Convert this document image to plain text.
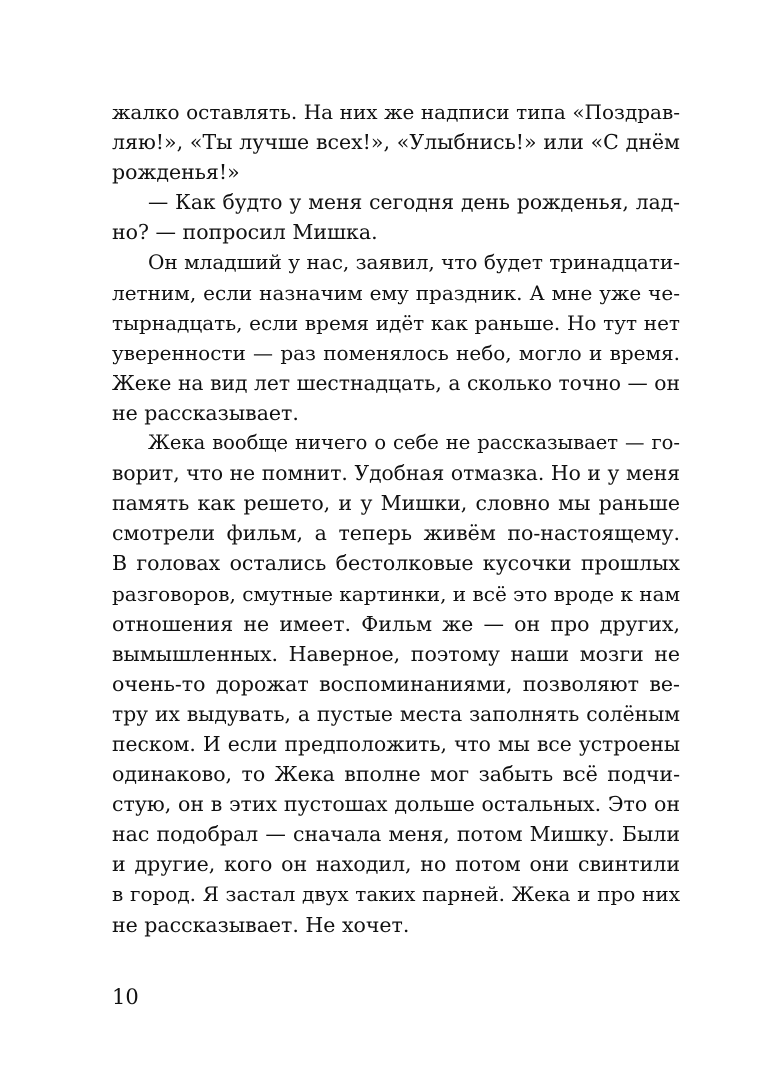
жалко оставлять. На них же надписи типа «Поздрав-
ляю!», «Ты лучше всех!», «Улыбнись!» или «С днём
рожденья!»
— Как будто у меня сегодня день рожденья, лад-
но? — попросил Мишка.
Он младший у нас, заявил, что будет тринадцати-
летним, если назначим ему праздник. А мне уже че-
тырнадцать, если время идёт как раньше. Но тут нет
уверенности — раз поменялось небо, могло и время.
Жеке на вид лет шестнадцать, а сколько точно — он
не рассказывает.
Жека вообще ничего о себе не рассказывает — го-
ворит, что не помнит. Удобная отмазка. Но и у меня
память как решето, и у Мишки, словно мы раньше
смотрели фильм, а теперь живём по-настоящему.
В головах остались бестолковые кусочки прошлых
разговоров, смутные картинки, и всё это вроде к нам
отношения не имеет. Фильм же — он про других,
вымышленных. Наверное, поэтому наши мозги не
очень-то дорожат воспоминаниями, позволяют ве-
тру их выдувать, а пустые места заполнять солёным
песком. И если предположить, что мы все устроены
одинаково, то Жека вполне мог забыть всё подчи-
стую, он в этих пустошах дольше остальных. Это он
нас подобрал — сначала меня, потом Мишку. Были
и другие, кого он находил, но потом они свинтили
в город. Я застал двух таких парней. Жека и про них
не рассказывает. Не хочет.
10
